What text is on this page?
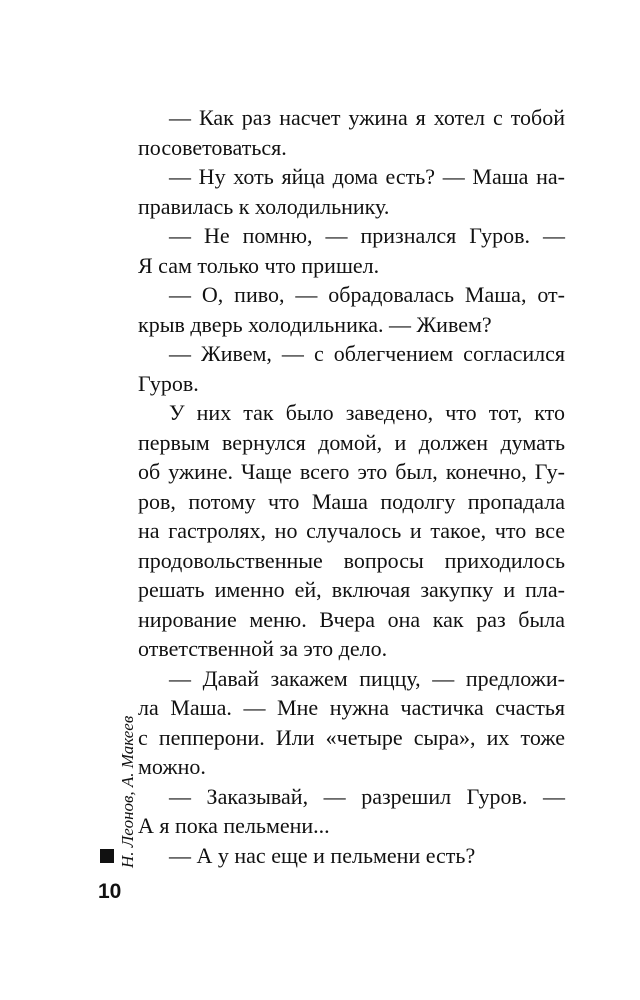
— Как раз насчет ужина я хотел с тобой
посоветоваться.
— Ну хоть яйца дома есть? — Маша на-
правилась к холодильнику.
— Не помню, — признался Гуров. —
Я сам только что пришел.
— О, пиво, — обрадовалась Маша, от-
крыв дверь холодильника. — Живем?
— Живем, — с облегчением согласился
Гуров.
У них так было заведено, что тот, кто
первым вернулся домой, и должен думать
об ужине. Чаще всего это был, конечно, Гу-
ров, потому что Маша подолгу пропадала
на гастролях, но случалось и такое, что все
продовольственные вопросы приходилось
решать именно ей, включая закупку и пла-
нирование меню. Вчера она как раз была
ответственной за это дело.
— Давай закажем пиццу, — предложи-
ла Маша. — Мне нужна частичка счастья
с пепперони. Или «четыре сыра», их тоже
можно.
— Заказывай, — разрешил Гуров. —
А я пока пельмени...
— А у нас еще и пельмени есть?
Н. Леонов, А. Макеев
10
